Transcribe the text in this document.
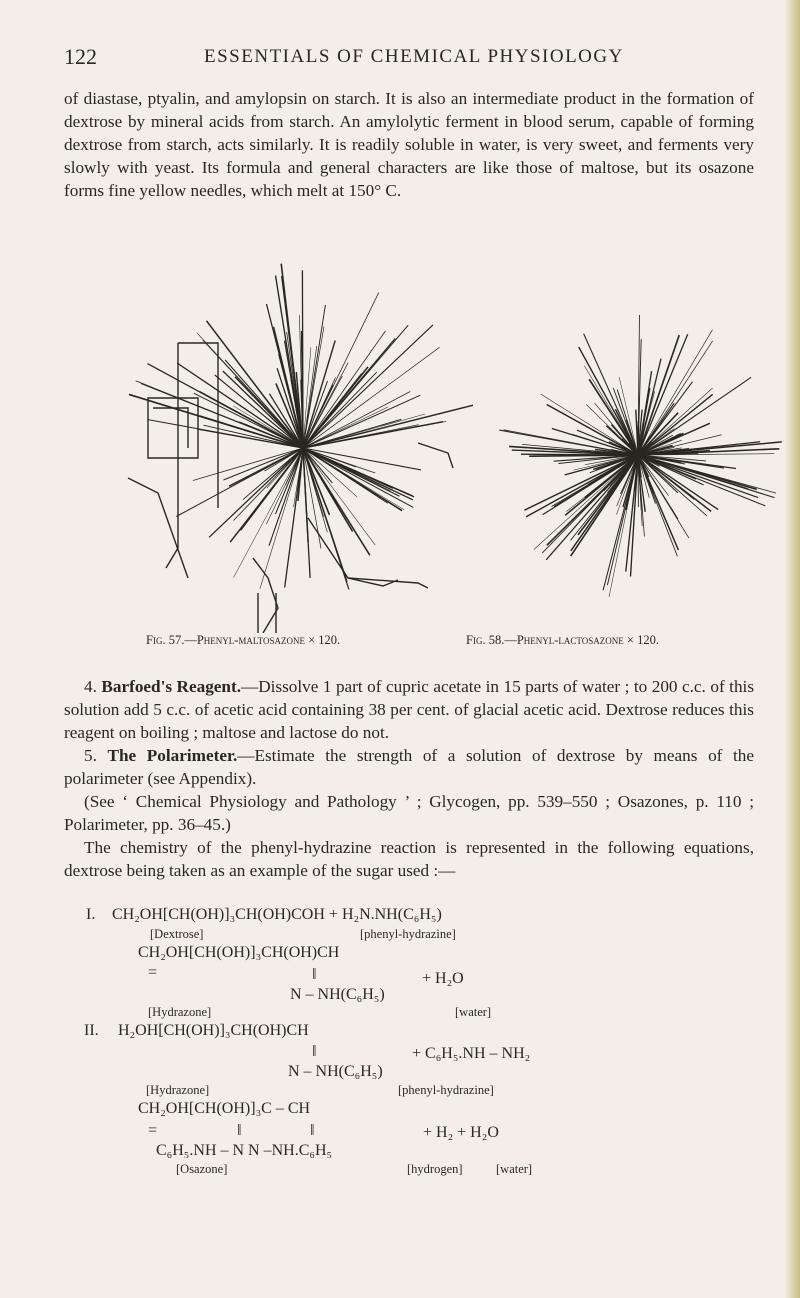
122	ESSENTIALS OF CHEMICAL PHYSIOLOGY

of diastase, ptyalin, and amylopsin on starch. It is also an intermediate product in the formation of dextrose by mineral acids from starch. An amylolytic ferment in blood serum, capable of forming dextrose from starch, acts similarly. It is readily soluble in water, is very sweet, and ferments very slowly with yeast. Its formula and general characters are like those of maltose, but its osazone forms fine yellow needles, which melt at 150° C.

Fig. 57.—Phenyl-maltosazone × 120.	Fig. 58.—Phenyl-lactosazone × 120.

4. Barfoed's Reagent.—Dissolve 1 part of cupric acetate in 15 parts of water ; to 200 c.c. of this solution add 5 c.c. of acetic acid containing 38 per cent. of glacial acetic acid. Dextrose reduces this reagent on boiling ; maltose and lactose do not.

5. The Polarimeter.—Estimate the strength of a solution of dextrose by means of the polarimeter (see Appendix).

(See ‘ Chemical Physiology and Pathology ’ ; Glycogen, pp. 539–550 ; Osazones, p. 110 ; Polarimeter, pp. 36–45.)

The chemistry of the phenyl-hydrazine reaction is represented in the following equations, dextrose being taken as an example of the sugar used :—

I. CH₂OH[CH(OH)]₃CH(OH)COH + H₂N.NH(C₆H₅)
[Dextrose]	[phenyl-hydrazine]
CH₂OH[CH(OH)]₃CH(OH)CH
=	‖	+ H₂O
N – NH(C₆H₅)
[Hydrazone]	[water]
II. H₂OH[CH(OH)]₃CH(OH)CH
‖	+ C₆H₅.NH – NH₂
N – NH(C₆H₅)
[Hydrazone]	[phenyl-hydrazine]
CH₂OH[CH(OH)]₃C – CH
=	‖	‖	+ H₂ + H₂O
C₆H₅.NH – N N –NH.C₆H₅
[Osazone]	[hydrogen]	[water]
